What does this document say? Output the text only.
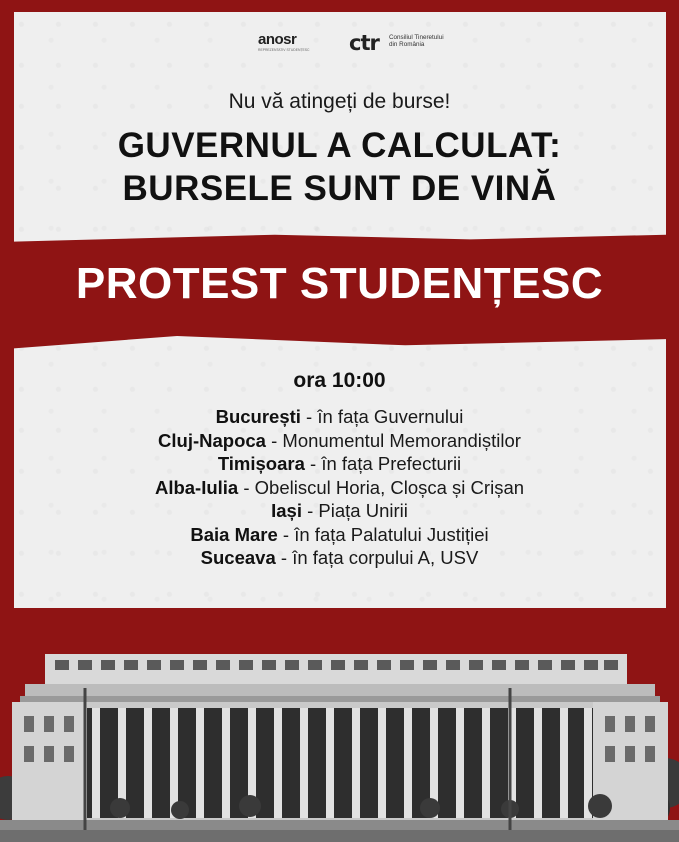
anosr
REPREZENTATIV STUDENȚESC	ctr Consiliul Tineretului din România
Nu vă atingeți de burse!
GUVERNUL A CALCULAT:
BURSELE SUNT DE VINĂ
PROTEST STUDENȚESC
ora 10:00
București - în fața Guvernului
Cluj-Napoca - Monumentul Memorandiștilor
Timișoara - în fața Prefecturii
Alba-Iulia - Obeliscul Horia, Cloșca și Crișan
Iași - Piața Unirii
Baia Mare - în fața Palatului Justiției
Suceava - în fața corpului A, USV
